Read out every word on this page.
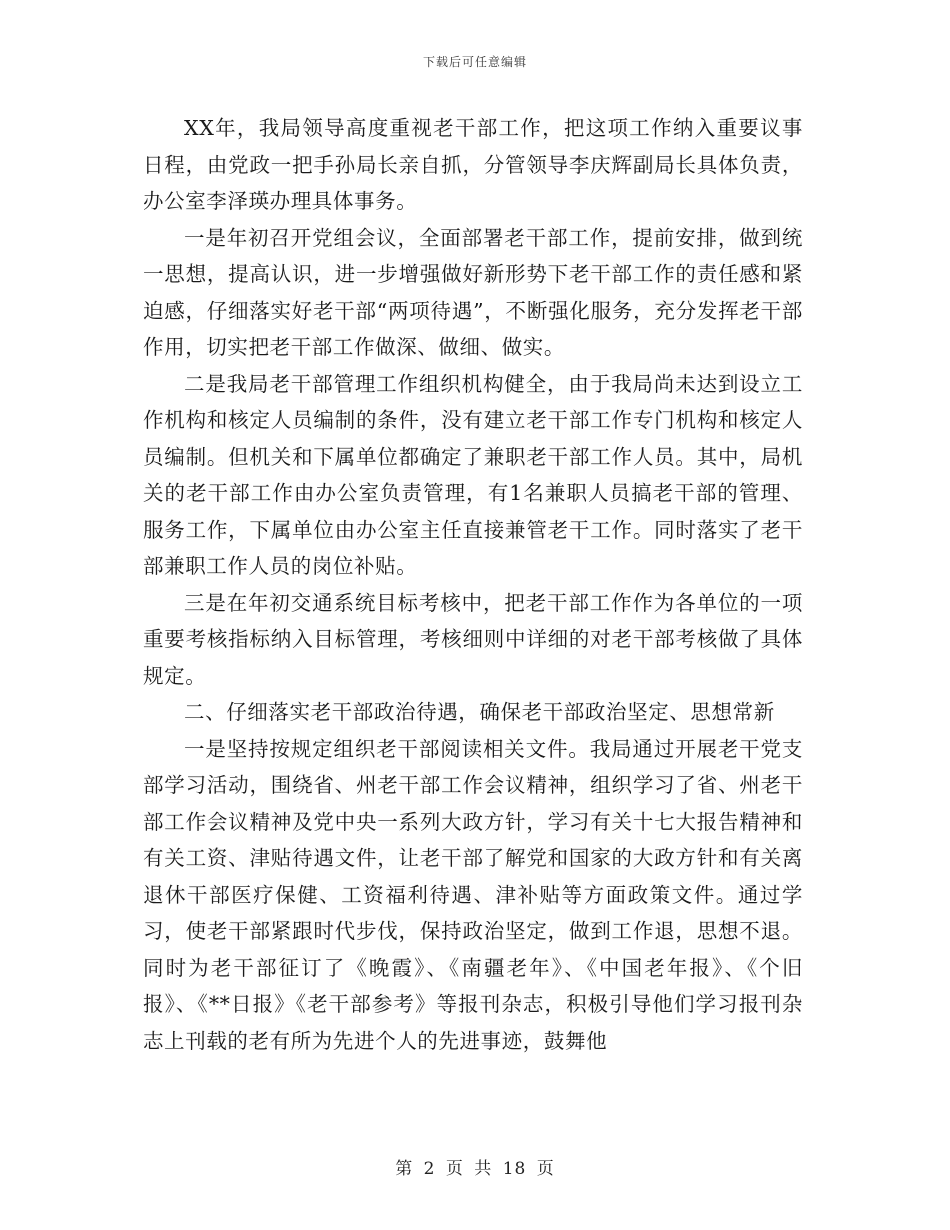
下载后可任意编辑

XX年，我局领导高度重视老干部工作，把这项工作纳入重要议事日程，由党政一把手孙局长亲自抓，分管领导李庆辉副局长具体负责，办公室李泽瑛办理具体事务。

一是年初召开党组会议，全面部署老干部工作，提前安排，做到统一思想，提高认识，进一步增强做好新形势下老干部工作的责任感和紧迫感，仔细落实好老干部“两项待遇”，不断强化服务，充分发挥老干部作用，切实把老干部工作做深、做细、做实。

二是我局老干部管理工作组织机构健全，由于我局尚未达到设立工作机构和核定人员编制的条件，没有建立老干部工作专门机构和核定人员编制。但机关和下属单位都确定了兼职老干部工作人员。其中，局机关的老干部工作由办公室负责管理，有1名兼职人员搞老干部的管理、服务工作，下属单位由办公室主任直接兼管老干工作。同时落实了老干部兼职工作人员的岗位补贴。

三是在年初交通系统目标考核中，把老干部工作作为各单位的一项重要考核指标纳入目标管理，考核细则中详细的对老干部考核做了具体规定。

二、仔细落实老干部政治待遇，确保老干部政治坚定、思想常新

一是坚持按规定组织老干部阅读相关文件。我局通过开展老干党支部学习活动，围绕省、州老干部工作会议精神，组织学习了省、州老干部工作会议精神及党中央一系列大政方针，学习有关十七大报告精神和有关工资、津贴待遇文件，让老干部了解党和国家的大政方针和有关离退休干部医疗保健、工资福利待遇、津补贴等方面政策文件。通过学习，使老干部紧跟时代步伐，保持政治坚定，做到工作退，思想不退。同时为老干部征订了《晚霞》、《南疆老年》、《中国老年报》、《个旧报》、《**日报》《老干部参考》等报刊杂志，积极引导他们学习报刊杂志上刊载的老有所为先进个人的先进事迹，鼓舞他

第 2 页 共 18 页
